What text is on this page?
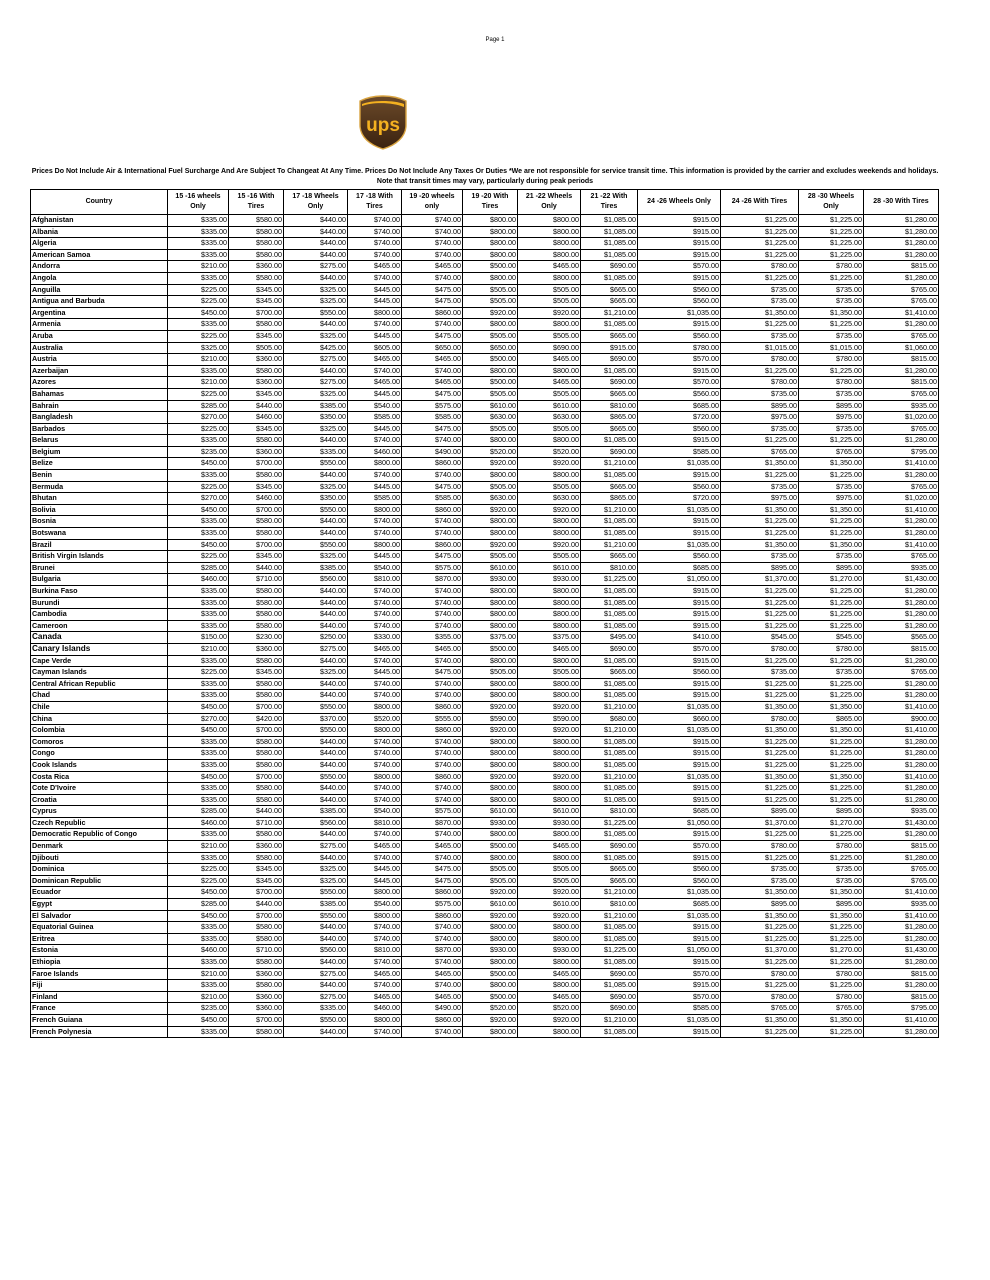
Page 1
ups
Prices Do Not Include Air & International Fuel Surcharge And Are Subject To Changeat At Any Time. Prices Do Not Include Any Taxes Or Duties *We are not responsible for service transit time. This information is provided by the carrier and excludes weekends and holidays. Note that transit times may vary, particularly during peak periods
Country	15 -16 wheels Only	15 -16 With Tires	17 -18 Wheels Only	17 -18 With Tires	19 -20 wheels only	19 -20 With Tires	21 -22 Wheels Only	21 -22 With Tires	24 -26 Wheels Only	24 -26 With Tires	28 -30 Wheels Only	28 -30 With Tires
Afghanistan	$335.00	$580.00	$440.00	$740.00	$740.00	$800.00	$800.00	$1,085.00	$915.00	$1,225.00	$1,225.00	$1,280.00
Albania	$335.00	$580.00	$440.00	$740.00	$740.00	$800.00	$800.00	$1,085.00	$915.00	$1,225.00	$1,225.00	$1,280.00
Algeria	$335.00	$580.00	$440.00	$740.00	$740.00	$800.00	$800.00	$1,085.00	$915.00	$1,225.00	$1,225.00	$1,280.00
American Samoa	$335.00	$580.00	$440.00	$740.00	$740.00	$800.00	$800.00	$1,085.00	$915.00	$1,225.00	$1,225.00	$1,280.00
Andorra	$210.00	$360.00	$275.00	$465.00	$465.00	$500.00	$465.00	$690.00	$570.00	$780.00	$780.00	$815.00
Angola	$335.00	$580.00	$440.00	$740.00	$740.00	$800.00	$800.00	$1,085.00	$915.00	$1,225.00	$1,225.00	$1,280.00
Anguilla	$225.00	$345.00	$325.00	$445.00	$475.00	$505.00	$505.00	$665.00	$560.00	$735.00	$735.00	$765.00
Antigua and Barbuda	$225.00	$345.00	$325.00	$445.00	$475.00	$505.00	$505.00	$665.00	$560.00	$735.00	$735.00	$765.00
Argentina	$450.00	$700.00	$550.00	$800.00	$860.00	$920.00	$920.00	$1,210.00	$1,035.00	$1,350.00	$1,350.00	$1,410.00
Armenia	$335.00	$580.00	$440.00	$740.00	$740.00	$800.00	$800.00	$1,085.00	$915.00	$1,225.00	$1,225.00	$1,280.00
Aruba	$225.00	$345.00	$325.00	$445.00	$475.00	$505.00	$505.00	$665.00	$560.00	$735.00	$735.00	$765.00
Australia	$325.00	$505.00	$425.00	$605.00	$650.00	$650.00	$690.00	$915.00	$780.00	$1,015.00	$1,015.00	$1,060.00
Austria	$210.00	$360.00	$275.00	$465.00	$465.00	$500.00	$465.00	$690.00	$570.00	$780.00	$780.00	$815.00
Azerbaijan	$335.00	$580.00	$440.00	$740.00	$740.00	$800.00	$800.00	$1,085.00	$915.00	$1,225.00	$1,225.00	$1,280.00
Azores	$210.00	$360.00	$275.00	$465.00	$465.00	$500.00	$465.00	$690.00	$570.00	$780.00	$780.00	$815.00
Bahamas	$225.00	$345.00	$325.00	$445.00	$475.00	$505.00	$505.00	$665.00	$560.00	$735.00	$735.00	$765.00
Bahrain	$285.00	$440.00	$385.00	$540.00	$575.00	$610.00	$610.00	$810.00	$685.00	$895.00	$895.00	$935.00
Bangladesh	$270.00	$460.00	$350.00	$585.00	$585.00	$630.00	$630.00	$865.00	$720.00	$975.00	$975.00	$1,020.00
Barbados	$225.00	$345.00	$325.00	$445.00	$475.00	$505.00	$505.00	$665.00	$560.00	$735.00	$735.00	$765.00
Belarus	$335.00	$580.00	$440.00	$740.00	$740.00	$800.00	$800.00	$1,085.00	$915.00	$1,225.00	$1,225.00	$1,280.00
Belgium	$235.00	$360.00	$335.00	$460.00	$490.00	$520.00	$520.00	$690.00	$585.00	$765.00	$765.00	$795.00
Belize	$450.00	$700.00	$550.00	$800.00	$860.00	$920.00	$920.00	$1,210.00	$1,035.00	$1,350.00	$1,350.00	$1,410.00
Benin	$335.00	$580.00	$440.00	$740.00	$740.00	$800.00	$800.00	$1,085.00	$915.00	$1,225.00	$1,225.00	$1,280.00
Bermuda	$225.00	$345.00	$325.00	$445.00	$475.00	$505.00	$505.00	$665.00	$560.00	$735.00	$735.00	$765.00
Bhutan	$270.00	$460.00	$350.00	$585.00	$585.00	$630.00	$630.00	$865.00	$720.00	$975.00	$975.00	$1,020.00
Bolivia	$450.00	$700.00	$550.00	$800.00	$860.00	$920.00	$920.00	$1,210.00	$1,035.00	$1,350.00	$1,350.00	$1,410.00
Bosnia	$335.00	$580.00	$440.00	$740.00	$740.00	$800.00	$800.00	$1,085.00	$915.00	$1,225.00	$1,225.00	$1,280.00
Botswana	$335.00	$580.00	$440.00	$740.00	$740.00	$800.00	$800.00	$1,085.00	$915.00	$1,225.00	$1,225.00	$1,280.00
Brazil	$450.00	$700.00	$550.00	$800.00	$860.00	$920.00	$920.00	$1,210.00	$1,035.00	$1,350.00	$1,350.00	$1,410.00
British Virgin Islands	$225.00	$345.00	$325.00	$445.00	$475.00	$505.00	$505.00	$665.00	$560.00	$735.00	$735.00	$765.00
Brunei	$285.00	$440.00	$385.00	$540.00	$575.00	$610.00	$610.00	$810.00	$685.00	$895.00	$895.00	$935.00
Bulgaria	$460.00	$710.00	$560.00	$810.00	$870.00	$930.00	$930.00	$1,225.00	$1,050.00	$1,370.00	$1,270.00	$1,430.00
Burkina Faso	$335.00	$580.00	$440.00	$740.00	$740.00	$800.00	$800.00	$1,085.00	$915.00	$1,225.00	$1,225.00	$1,280.00
Burundi	$335.00	$580.00	$440.00	$740.00	$740.00	$800.00	$800.00	$1,085.00	$915.00	$1,225.00	$1,225.00	$1,280.00
Cambodia	$335.00	$580.00	$440.00	$740.00	$740.00	$800.00	$800.00	$1,085.00	$915.00	$1,225.00	$1,225.00	$1,280.00
Cameroon	$335.00	$580.00	$440.00	$740.00	$740.00	$800.00	$800.00	$1,085.00	$915.00	$1,225.00	$1,225.00	$1,280.00
Canada	$150.00	$230.00	$250.00	$330.00	$355.00	$375.00	$375.00	$495.00	$410.00	$545.00	$545.00	$565.00
Canary Islands	$210.00	$360.00	$275.00	$465.00	$465.00	$500.00	$465.00	$690.00	$570.00	$780.00	$780.00	$815.00
Cape Verde	$335.00	$580.00	$440.00	$740.00	$740.00	$800.00	$800.00	$1,085.00	$915.00	$1,225.00	$1,225.00	$1,280.00
Cayman Islands	$225.00	$345.00	$325.00	$445.00	$475.00	$505.00	$505.00	$665.00	$560.00	$735.00	$735.00	$765.00
Central African Republic	$335.00	$580.00	$440.00	$740.00	$740.00	$800.00	$800.00	$1,085.00	$915.00	$1,225.00	$1,225.00	$1,280.00
Chad	$335.00	$580.00	$440.00	$740.00	$740.00	$800.00	$800.00	$1,085.00	$915.00	$1,225.00	$1,225.00	$1,280.00
Chile	$450.00	$700.00	$550.00	$800.00	$860.00	$920.00	$920.00	$1,210.00	$1,035.00	$1,350.00	$1,350.00	$1,410.00
China	$270.00	$420.00	$370.00	$520.00	$555.00	$590.00	$590.00	$680.00	$660.00	$780.00	$865.00	$900.00
Colombia	$450.00	$700.00	$550.00	$800.00	$860.00	$920.00	$920.00	$1,210.00	$1,035.00	$1,350.00	$1,350.00	$1,410.00
Comoros	$335.00	$580.00	$440.00	$740.00	$740.00	$800.00	$800.00	$1,085.00	$915.00	$1,225.00	$1,225.00	$1,280.00
Congo	$335.00	$580.00	$440.00	$740.00	$740.00	$800.00	$800.00	$1,085.00	$915.00	$1,225.00	$1,225.00	$1,280.00
Cook Islands	$335.00	$580.00	$440.00	$740.00	$740.00	$800.00	$800.00	$1,085.00	$915.00	$1,225.00	$1,225.00	$1,280.00
Costa Rica	$450.00	$700.00	$550.00	$800.00	$860.00	$920.00	$920.00	$1,210.00	$1,035.00	$1,350.00	$1,350.00	$1,410.00
Cote D'Ivoire	$335.00	$580.00	$440.00	$740.00	$740.00	$800.00	$800.00	$1,085.00	$915.00	$1,225.00	$1,225.00	$1,280.00
Croatia	$335.00	$580.00	$440.00	$740.00	$740.00	$800.00	$800.00	$1,085.00	$915.00	$1,225.00	$1,225.00	$1,280.00
Cyprus	$285.00	$440.00	$385.00	$540.00	$575.00	$610.00	$610.00	$810.00	$685.00	$895.00	$895.00	$935.00
Czech Republic	$460.00	$710.00	$560.00	$810.00	$870.00	$930.00	$930.00	$1,225.00	$1,050.00	$1,370.00	$1,270.00	$1,430.00
Democratic Republic of Congo	$335.00	$580.00	$440.00	$740.00	$740.00	$800.00	$800.00	$1,085.00	$915.00	$1,225.00	$1,225.00	$1,280.00
Denmark	$210.00	$360.00	$275.00	$465.00	$465.00	$500.00	$465.00	$690.00	$570.00	$780.00	$780.00	$815.00
Djibouti	$335.00	$580.00	$440.00	$740.00	$740.00	$800.00	$800.00	$1,085.00	$915.00	$1,225.00	$1,225.00	$1,280.00
Dominica	$225.00	$345.00	$325.00	$445.00	$475.00	$505.00	$505.00	$665.00	$560.00	$735.00	$735.00	$765.00
Dominican Republic	$225.00	$345.00	$325.00	$445.00	$475.00	$505.00	$505.00	$665.00	$560.00	$735.00	$735.00	$765.00
Ecuador	$450.00	$700.00	$550.00	$800.00	$860.00	$920.00	$920.00	$1,210.00	$1,035.00	$1,350.00	$1,350.00	$1,410.00
Egypt	$285.00	$440.00	$385.00	$540.00	$575.00	$610.00	$610.00	$810.00	$685.00	$895.00	$895.00	$935.00
El Salvador	$450.00	$700.00	$550.00	$800.00	$860.00	$920.00	$920.00	$1,210.00	$1,035.00	$1,350.00	$1,350.00	$1,410.00
Equatorial Guinea	$335.00	$580.00	$440.00	$740.00	$740.00	$800.00	$800.00	$1,085.00	$915.00	$1,225.00	$1,225.00	$1,280.00
Eritrea	$335.00	$580.00	$440.00	$740.00	$740.00	$800.00	$800.00	$1,085.00	$915.00	$1,225.00	$1,225.00	$1,280.00
Estonia	$460.00	$710.00	$560.00	$810.00	$870.00	$930.00	$930.00	$1,225.00	$1,050.00	$1,370.00	$1,270.00	$1,430.00
Ethiopia	$335.00	$580.00	$440.00	$740.00	$740.00	$800.00	$800.00	$1,085.00	$915.00	$1,225.00	$1,225.00	$1,280.00
Faroe Islands	$210.00	$360.00	$275.00	$465.00	$465.00	$500.00	$465.00	$690.00	$570.00	$780.00	$780.00	$815.00
Fiji	$335.00	$580.00	$440.00	$740.00	$740.00	$800.00	$800.00	$1,085.00	$915.00	$1,225.00	$1,225.00	$1,280.00
Finland	$210.00	$360.00	$275.00	$465.00	$465.00	$500.00	$465.00	$690.00	$570.00	$780.00	$780.00	$815.00
France	$235.00	$360.00	$335.00	$460.00	$490.00	$520.00	$520.00	$690.00	$585.00	$765.00	$765.00	$795.00
French Guiana	$450.00	$700.00	$550.00	$800.00	$860.00	$920.00	$920.00	$1,210.00	$1,035.00	$1,350.00	$1,350.00	$1,410.00
French Polynesia	$335.00	$580.00	$440.00	$740.00	$740.00	$800.00	$800.00	$1,085.00	$915.00	$1,225.00	$1,225.00	$1,280.00
